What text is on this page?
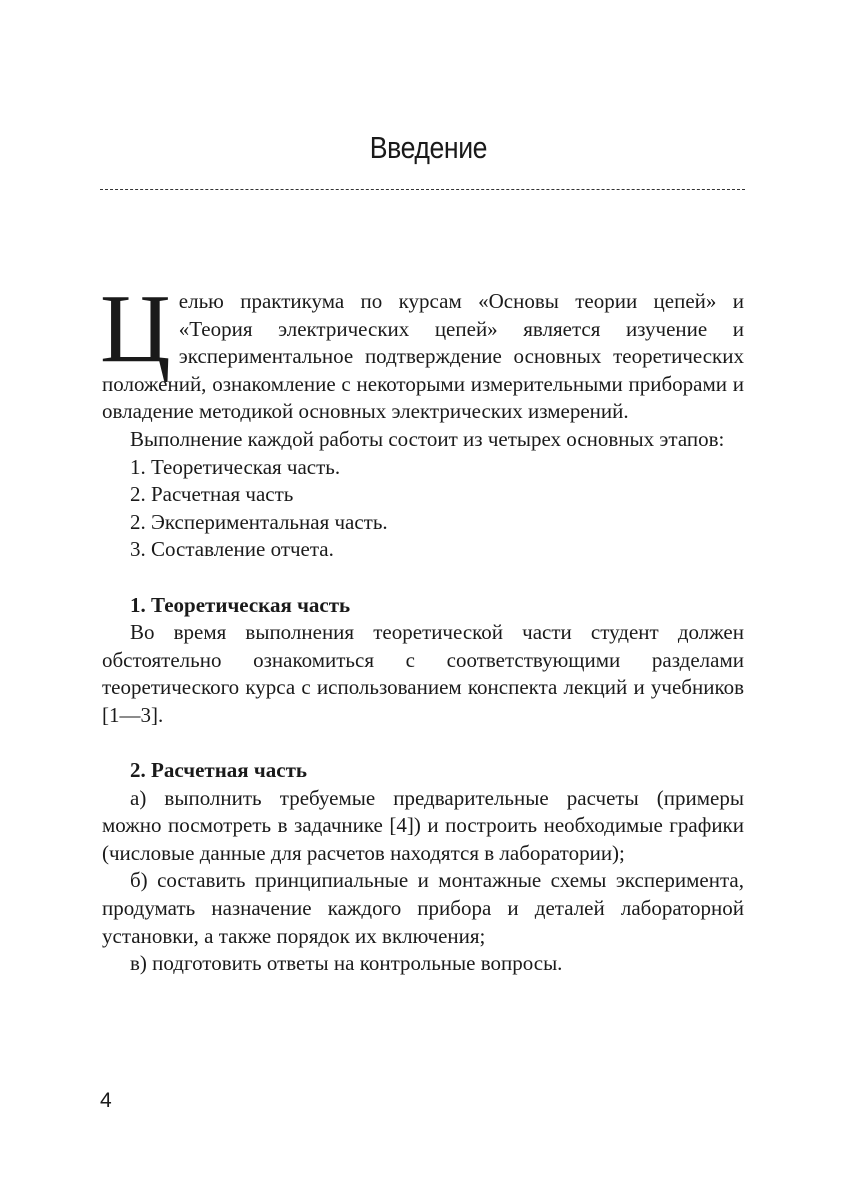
Введение

Целью практикума по курсам «Основы теории цепей» и «Теория электрических цепей» является изучение и экспериментальное подтверждение основных теоретических положений, ознакомление с некоторыми измерительными приборами и овладение методикой основных электрических измерений.

Выполнение каждой работы состоит из четырех основных этапов:

1. Теоретическая часть.

2. Расчетная часть

2. Экспериментальная часть.

3. Составление отчета.

1. Теоретическая часть

Во время выполнения теоретической части студент должен обстоятельно ознакомиться с соответствующими разделами теоретического курса с использованием конспекта лекций и учебников [1—3].

2. Расчетная часть

а) выполнить требуемые предварительные расчеты (примеры можно посмотреть в задачнике [4]) и построить необходимые графики (числовые данные для расчетов находятся в лаборатории);

б) составить принципиальные и монтажные схемы эксперимента, продумать назначение каждого прибора и деталей лабораторной установки, а также порядок их включения;

в) подготовить ответы на контрольные вопросы.

4
